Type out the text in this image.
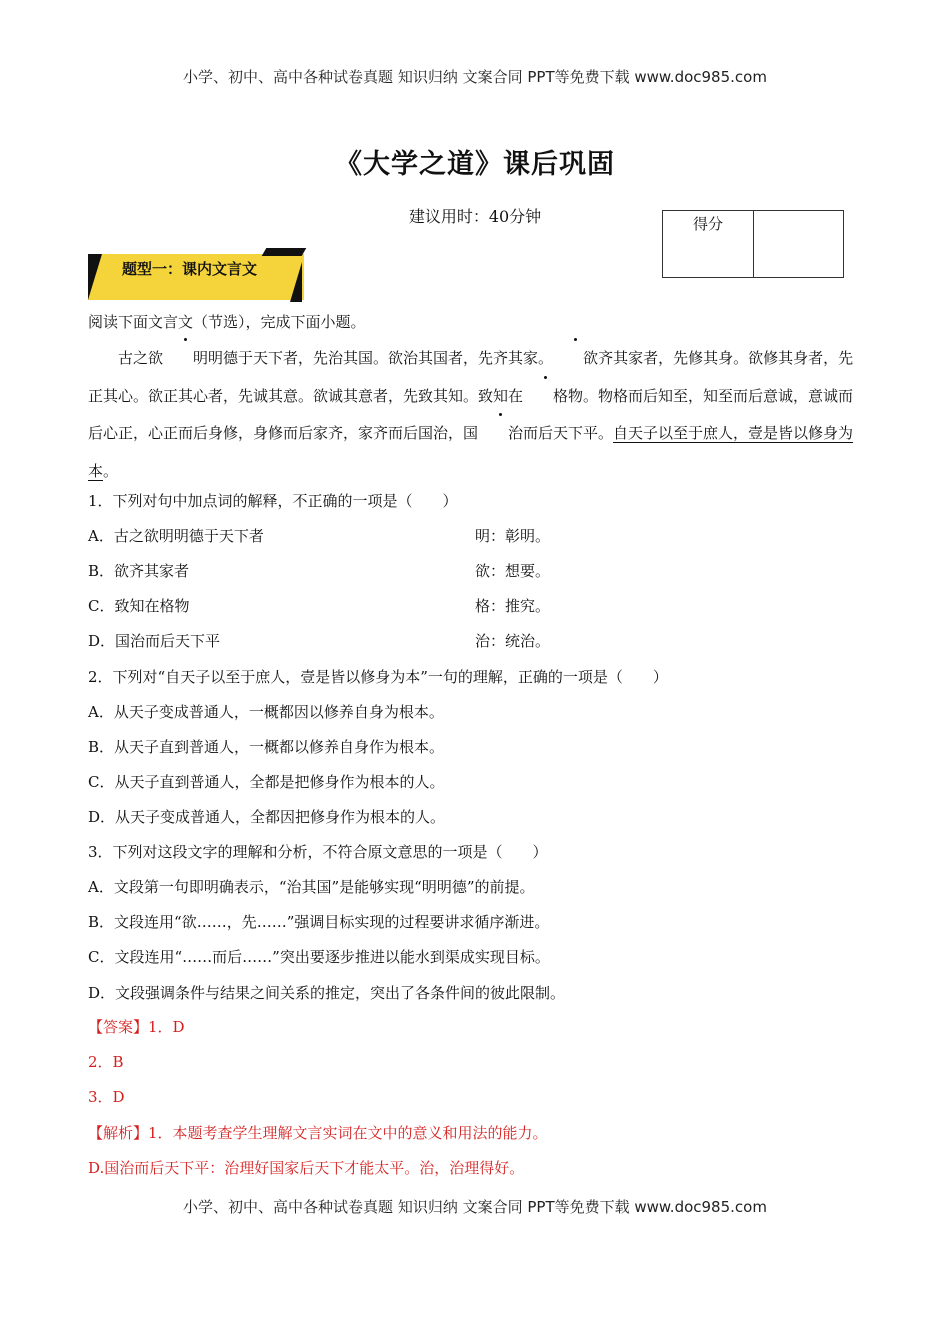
小学、初中、高中各种试卷真题 知识归纳 文案合同 PPT等免费下载 www.doc985.com
《大学之道》课后巩固
建议用时：40分钟	得分
题型一：课内文言文
阅读下面文言文（节选），完成下面小题。

古之欲 明明德于天下者，先治其国。欲治其国者，先齐其家。 欲齐其家者，先修其身。欲修其身者，先正其心。欲正其心者，先诚其意。欲诚其意者，先致其知。致知在 格物。物格而后知至，知至而后意诚，意诚而后心正，心正而后身修，身修而后家齐，家齐而后国治，国 治而后天下平。自天子以至于庶人，壹是皆以修身为本。

1．下列对句中加点词的解释，不正确的一项是（　　）
A．古之欲明明德于天下者	明：彰明。
B．欲齐其家者	欲：想要。
C．致知在格物	格：推究。
D．国治而后天下平	治：统治。
2．下列对“自天子以至于庶人，壹是皆以修身为本”一句的理解，正确的一项是（　　）
A．从天子变成普通人，一概都因以修养自身为根本。
B．从天子直到普通人，一概都以修养自身作为根本。
C．从天子直到普通人，全都是把修身作为根本的人。
D．从天子变成普通人，全都因把修身作为根本的人。
3．下列对这段文字的理解和分析，不符合原文意思的一项是（　　）
A．文段第一句即明确表示，“治其国”是能够实现“明明德”的前提。
B．文段连用“欲……，先……”强调目标实现的过程要讲求循序渐进。
C．文段连用“……而后……”突出要逐步推进以能水到渠成实现目标。
D．文段强调条件与结果之间关系的推定，突出了各条件间的彼此限制。
【答案】1．D
2．B
3．D
【解析】1．本题考查学生理解文言实词在文中的意义和用法的能力。
D.国治而后天下平：治理好国家后天下才能太平。治，治理得好。
小学、初中、高中各种试卷真题 知识归纳 文案合同 PPT等免费下载 www.doc985.com
